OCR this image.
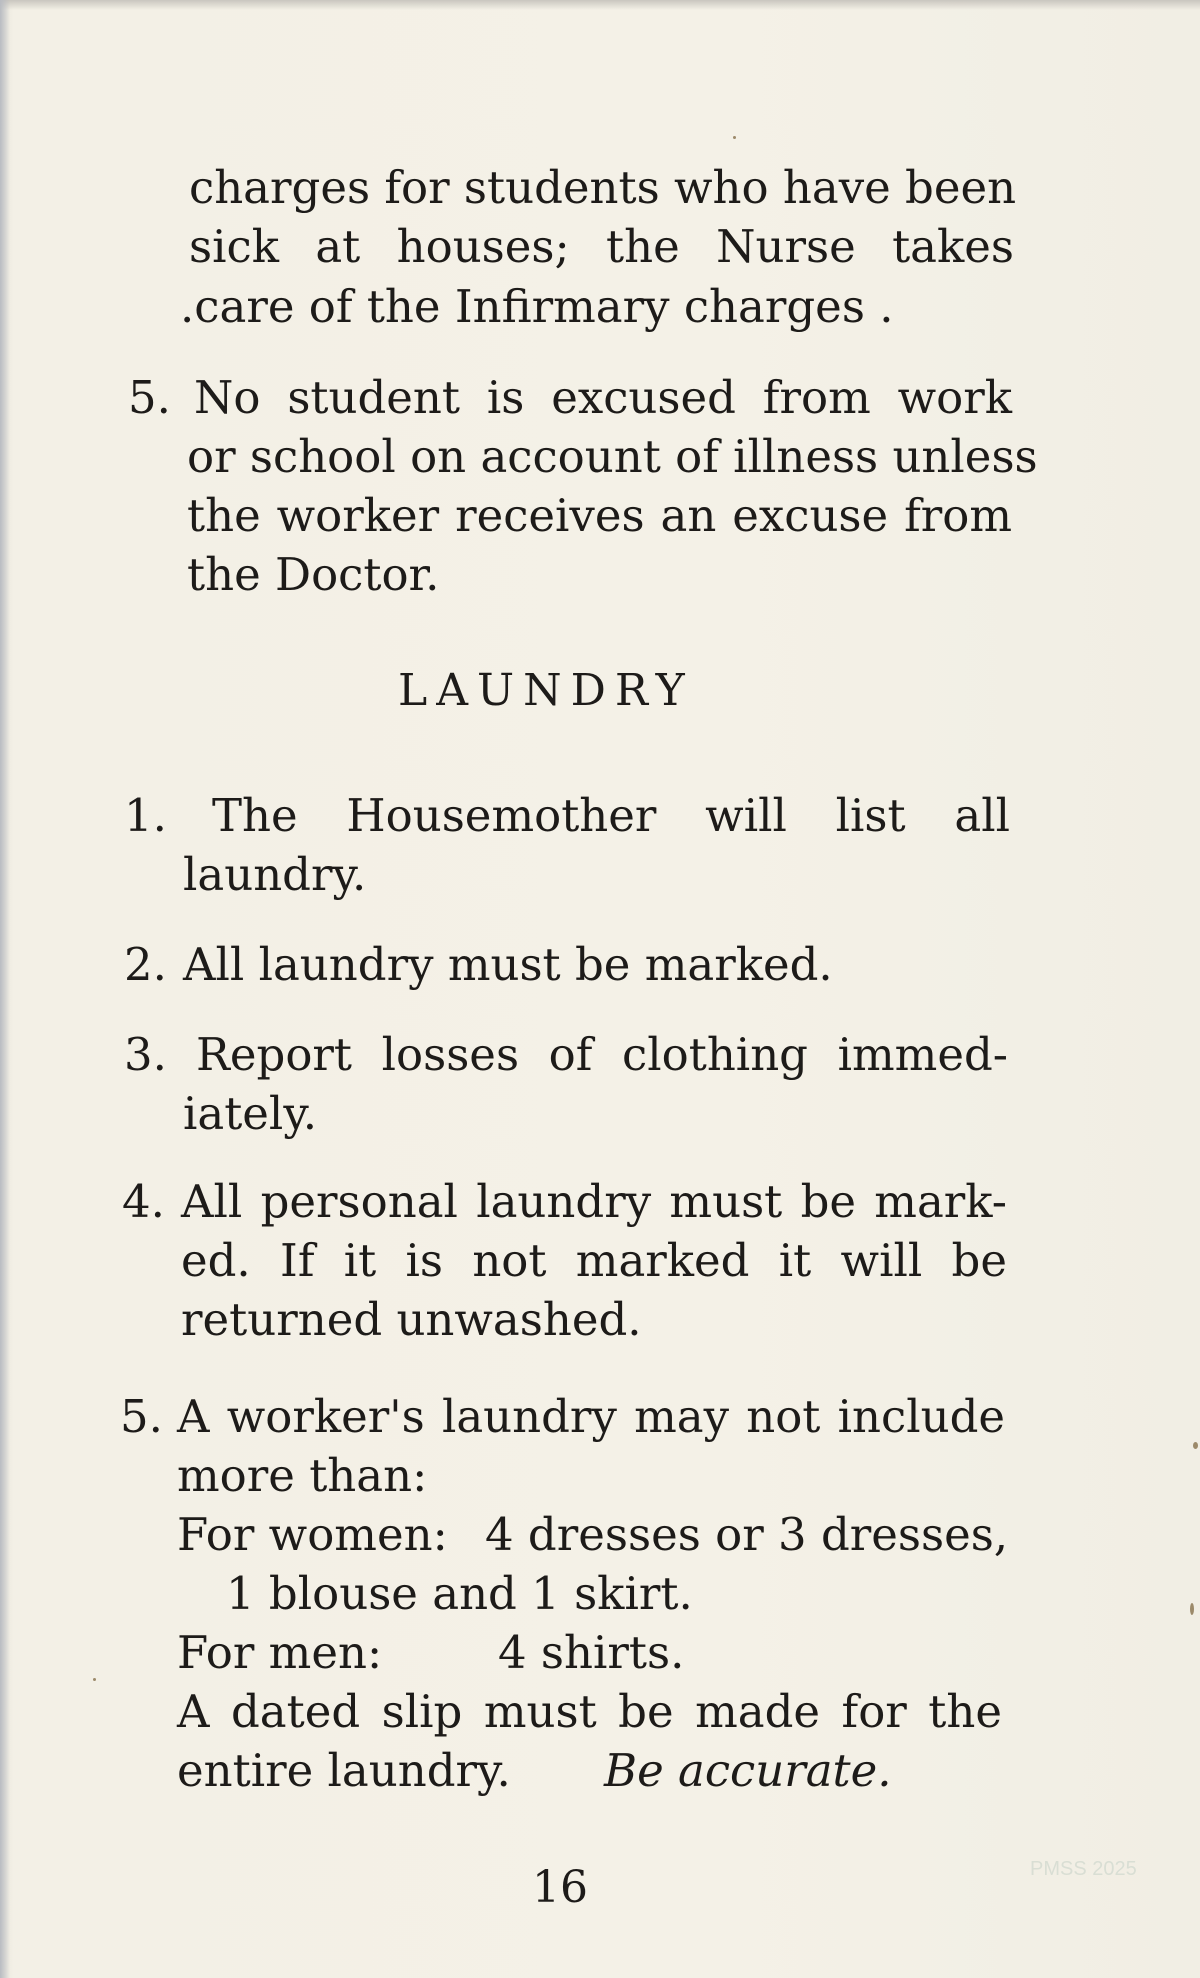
charges for students who have been
sick at houses; the Nurse takes
.care of the Infirmary charges .
5. No student is excused from work
or school on account of illness unless
the worker receives an excuse from
the Doctor.
LAUNDRY
1. The Housemother will list all
laundry.
2. All laundry must be marked.
3. Report losses of clothing immed-
iately.
4. All personal laundry must be mark-
ed. If it is not marked it will be
returned unwashed.
5. A worker's laundry may not include
more than:
For women: 4 dresses or 3 dresses,
1 blouse and 1 skirt.
For men:	4 shirts.
A dated slip must be made for the
entire laundry. Be accurate.
16	PMSS 2025
